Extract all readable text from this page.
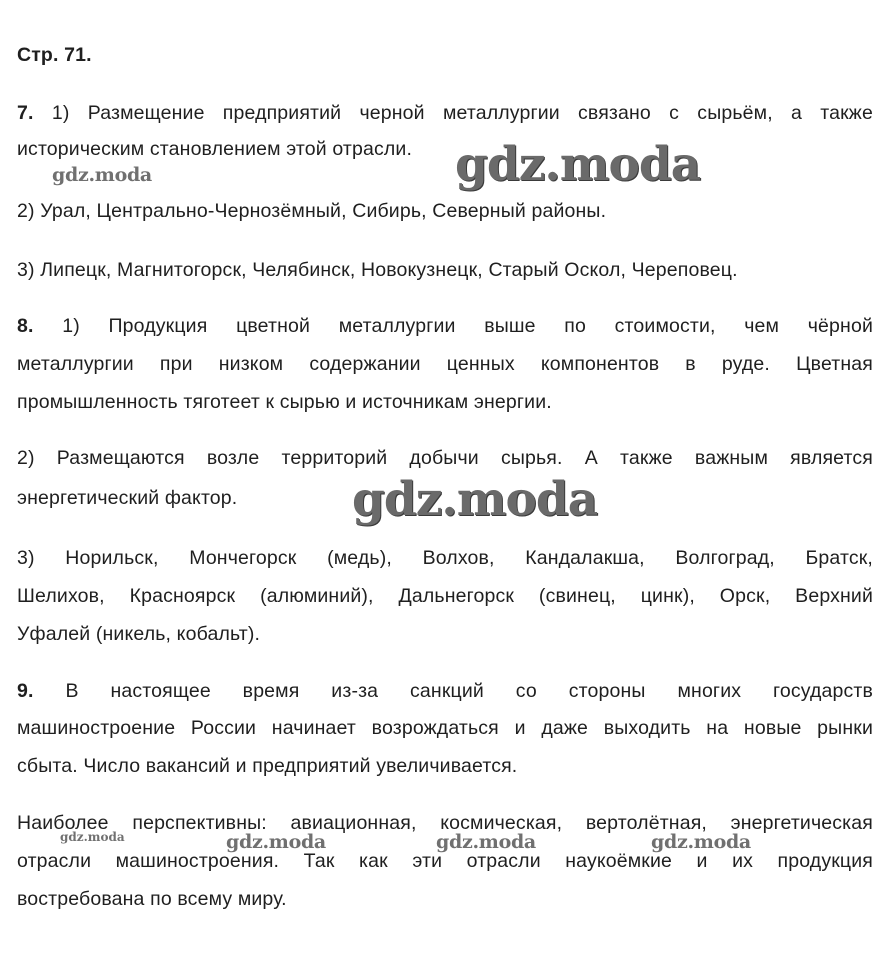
Стр. 71.
7. 1) Размещение предприятий черной металлургии связано с сырьём, а также
историческим становлением этой отрасли.
2) Урал, Центрально-Чернозёмный, Сибирь, Северный районы.
3) Липецк, Магнитогорск, Челябинск, Новокузнецк, Старый Оскол, Череповец.
8. 1) Продукция цветной металлургии выше по стоимости, чем чёрной
металлургии при низком содержании ценных компонентов в руде. Цветная
промышленность тяготеет к сырью и источникам энергии.
2) Размещаются возле территорий добычи сырья. А также важным является
энергетический фактор.
3) Норильск, Мончегорск (медь), Волхов, Кандалакша, Волгоград, Братск,
Шелихов, Красноярск (алюминий), Дальнегорск (свинец, цинк), Орск, Верхний
Уфалей (никель, кобальт).
9. В настоящее время из-за санкций со стороны многих государств
машиностроение России начинает возрождаться и даже выходить на новые рынки
сбыта. Число вакансий и предприятий увеличивается.
Наиболее перспективны: авиационная, космическая, вертолётная, энергетическая
отрасли машиностроения. Так как эти отрасли наукоёмкие и их продукция
востребована по всему миру.
gdz.moda
gdz.moda
gdz.moda
gdz.moda	gdz.moda	gdz.moda	gdz.moda
